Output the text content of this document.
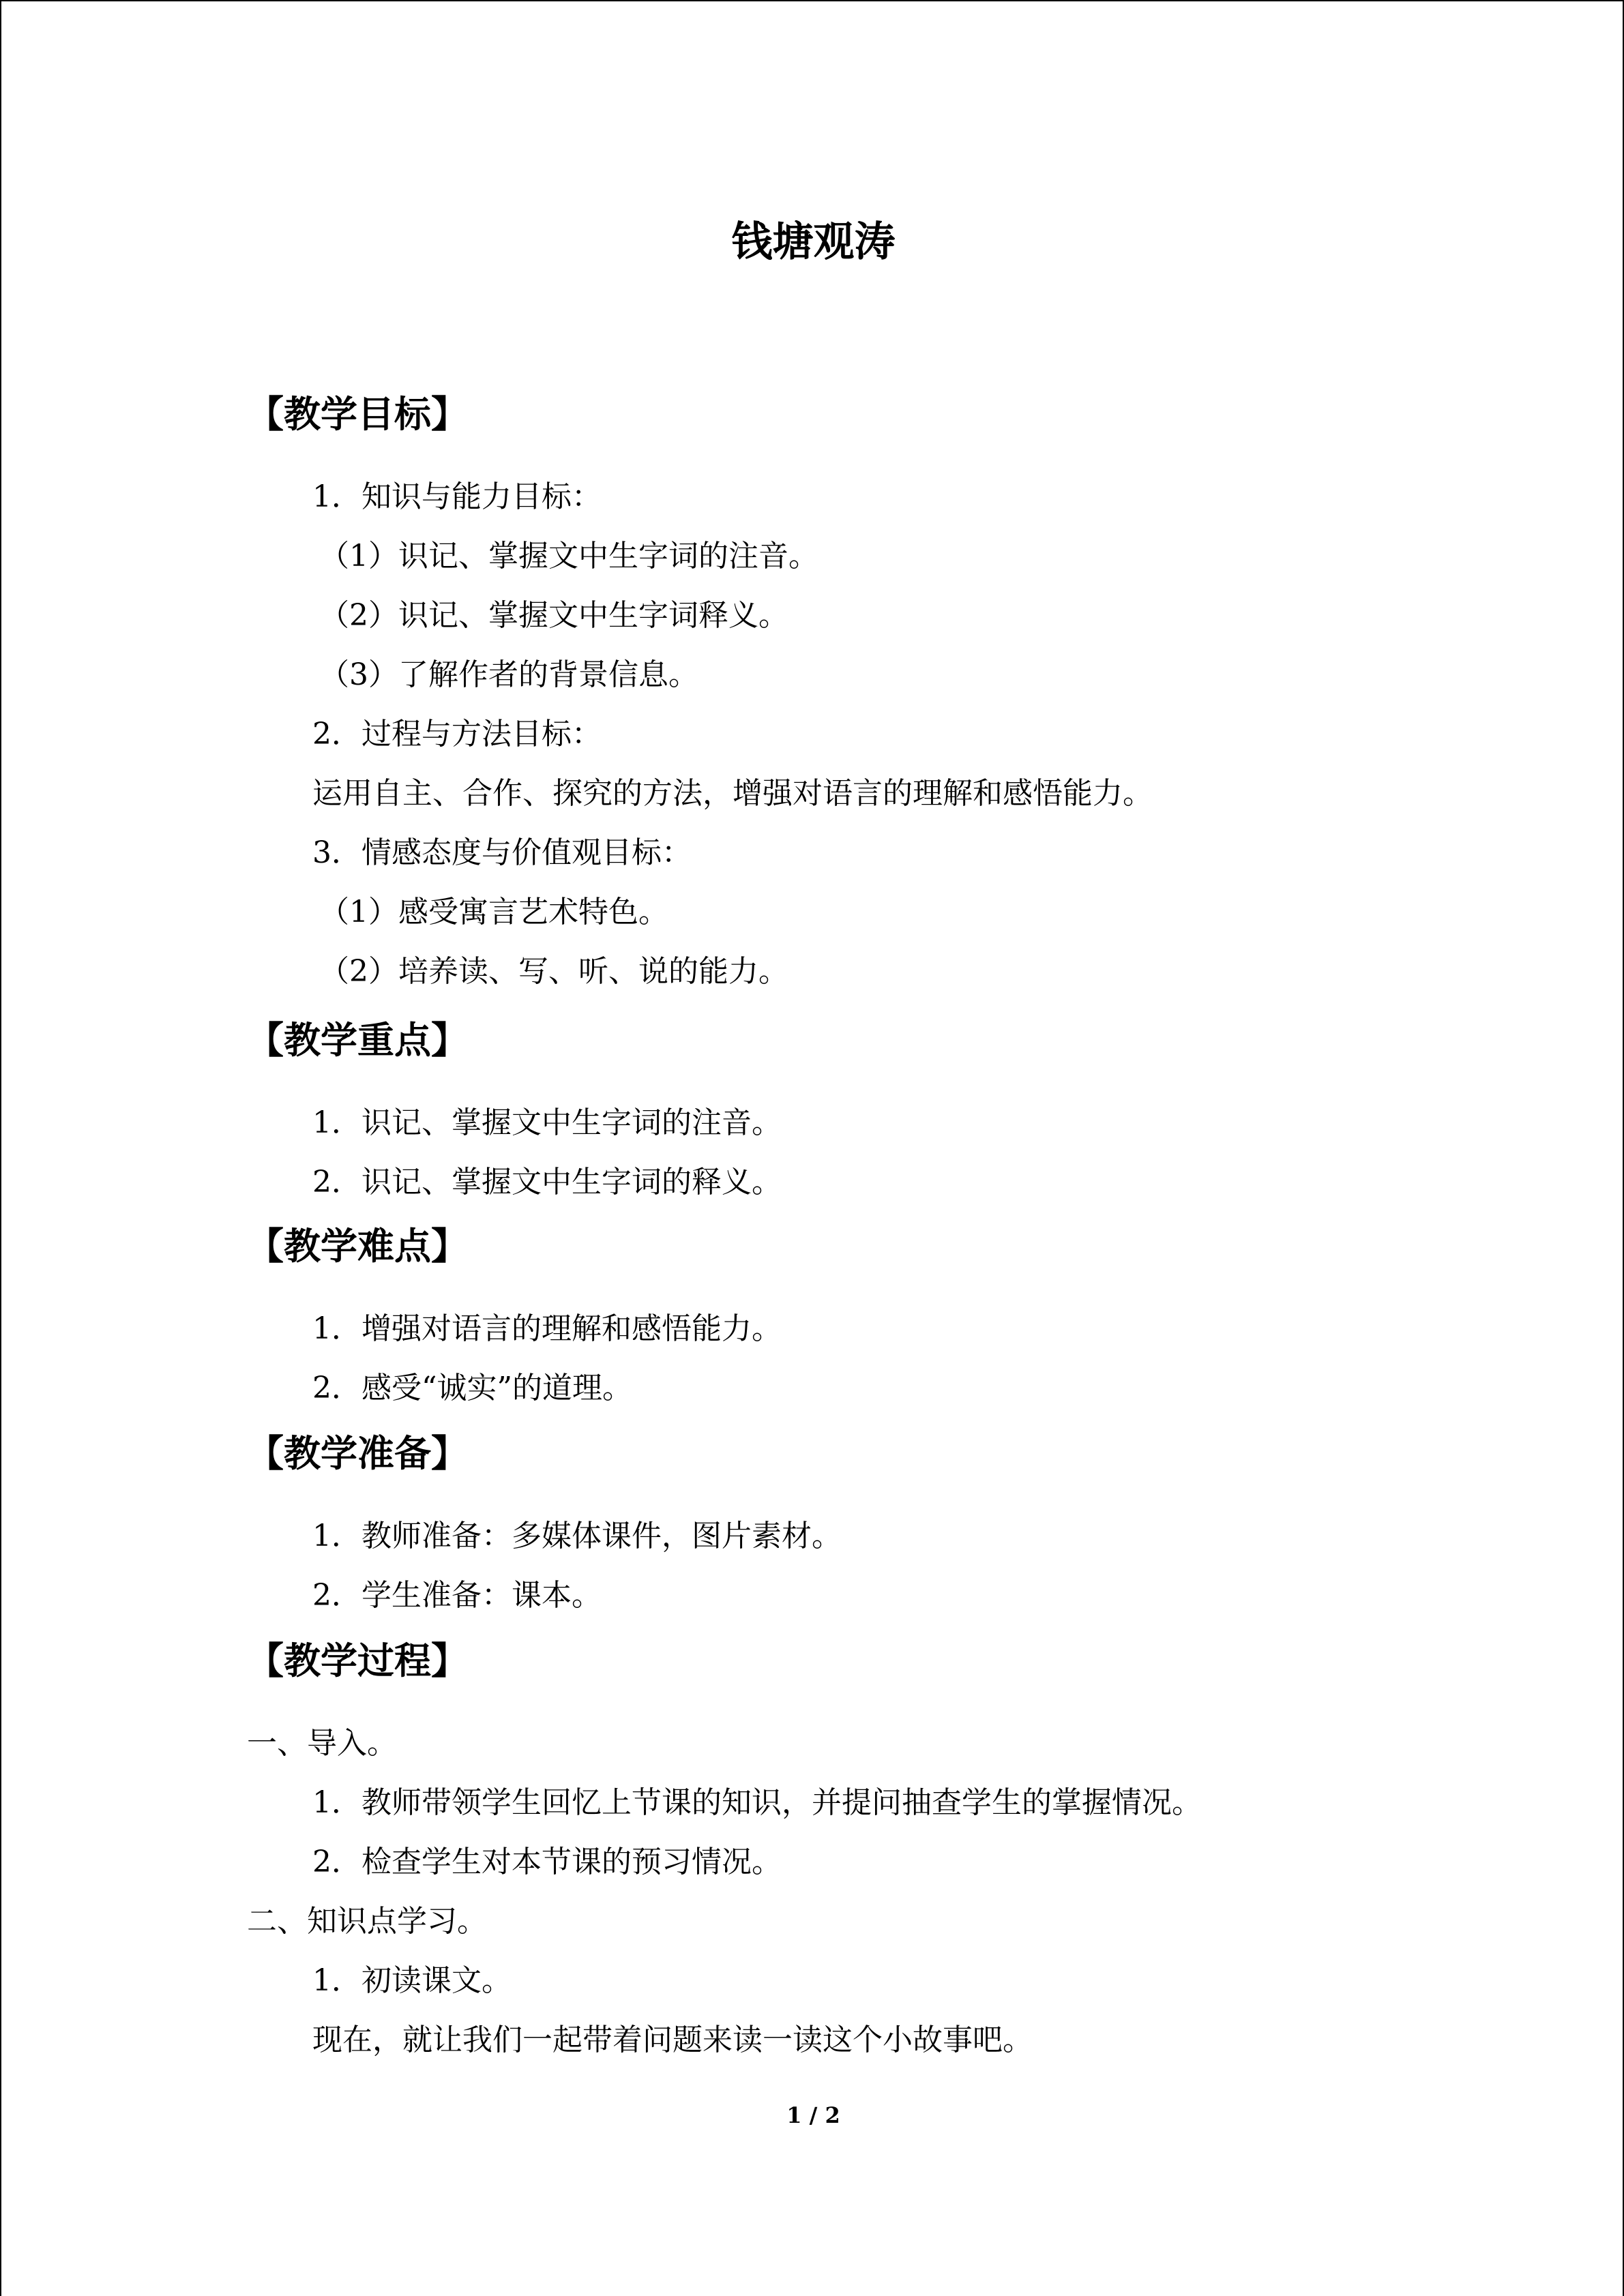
钱塘观涛
【教学目标】

1．知识与能力目标：

（1）识记、掌握文中生字词的注音。

（2）识记、掌握文中生字词释义。

（3）了解作者的背景信息。

2．过程与方法目标：

运用自主、合作、探究的方法，增强对语言的理解和感悟能力。

3．情感态度与价值观目标：

（1）感受寓言艺术特色。

（2）培养读、写、听、说的能力。

【教学重点】

1．识记、掌握文中生字词的注音。

2．识记、掌握文中生字词的释义。

【教学难点】

1．增强对语言的理解和感悟能力。

2．感受“诚实”的道理。

【教学准备】

1．教师准备：多媒体课件，图片素材。

2．学生准备：课本。

【教学过程】

一、导入。

1．教师带领学生回忆上节课的知识，并提问抽查学生的掌握情况。

2．检查学生对本节课的预习情况。

二、知识点学习。

1．初读课文。

现在，就让我们一起带着问题来读一读这个小故事吧。

1 / 2
